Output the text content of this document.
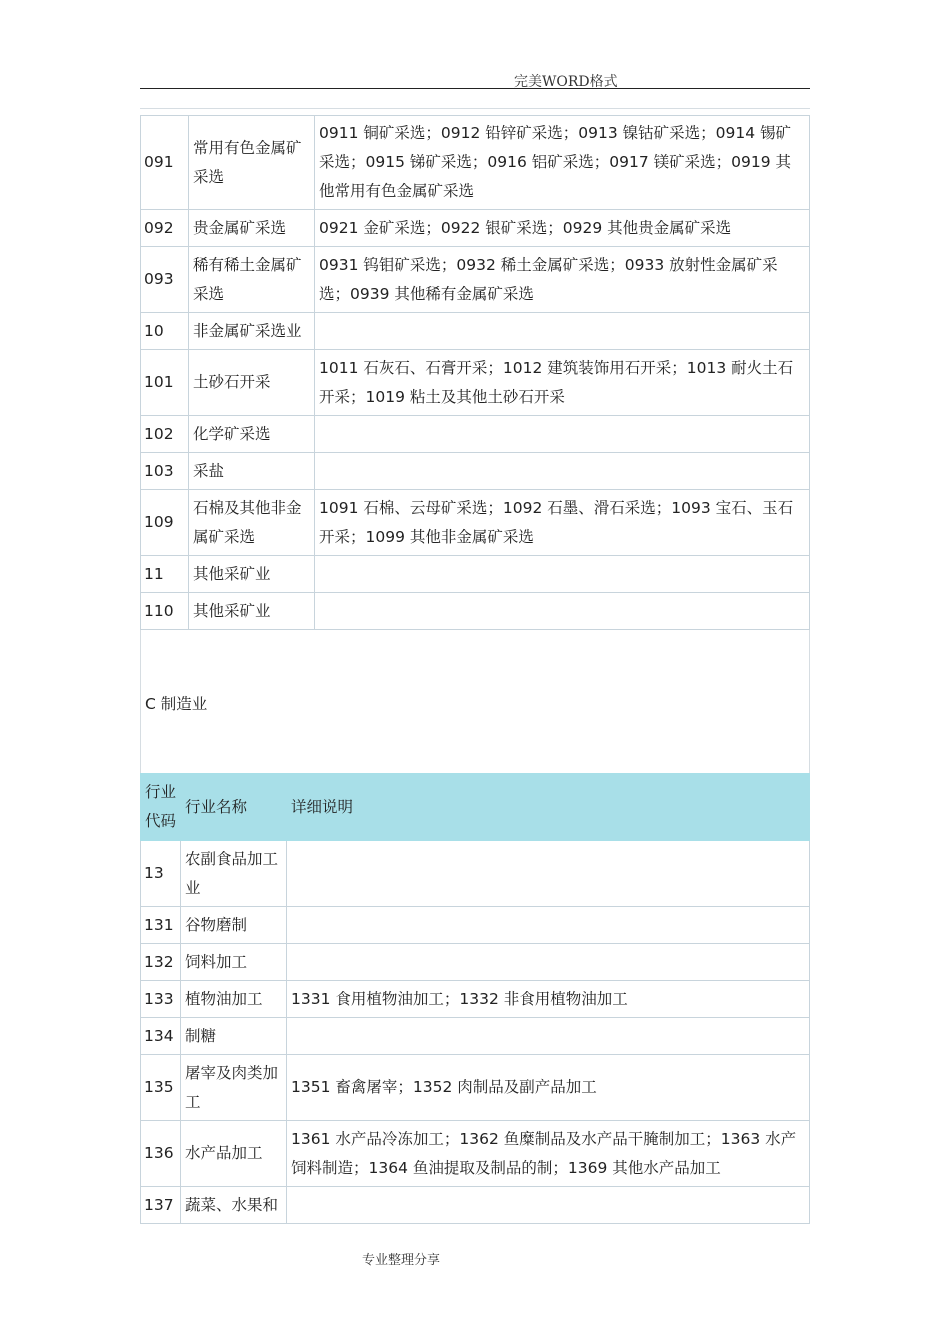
完美WORD格式
091	常用有色金属矿采选	0911 铜矿采选；0912 铅锌矿采选；0913 镍钴矿采选；0914 锡矿采选；0915 锑矿采选；0916 铝矿采选；0917 镁矿采选；0919 其他常用有色金属矿采选
092	贵金属矿采选	0921 金矿采选；0922 银矿采选；0929 其他贵金属矿采选
093	稀有稀土金属矿采选	0931 钨钼矿采选；0932 稀土金属矿采选；0933 放射性金属矿采选；0939 其他稀有金属矿采选
10	非金属矿采选业	
101	土砂石开采	1011 石灰石、石膏开采；1012 建筑装饰用石开采；1013 耐火土石开采；1019 粘土及其他土砂石开采
102	化学矿采选	
103	采盐	
109	石棉及其他非金属矿采选	1091 石棉、云母矿采选；1092 石墨、滑石采选；1093 宝石、玉石开采；1099 其他非金属矿采选
11	其他采矿业	
110	其他采矿业	
C 制造业
行业代码	行业名称	详细说明
13	农副食品加工业	
131	谷物磨制	
132	饲料加工	
133	植物油加工	1331 食用植物油加工；1332 非食用植物油加工
134	制糖	
135	屠宰及肉类加工	1351 畜禽屠宰；1352 肉制品及副产品加工
136	水产品加工	1361 水产品冷冻加工；1362 鱼糜制品及水产品干腌制加工；1363 水产饲料制造；1364 鱼油提取及制品的制；1369 其他水产品加工
137	蔬菜、水果和	
专业整理分享
